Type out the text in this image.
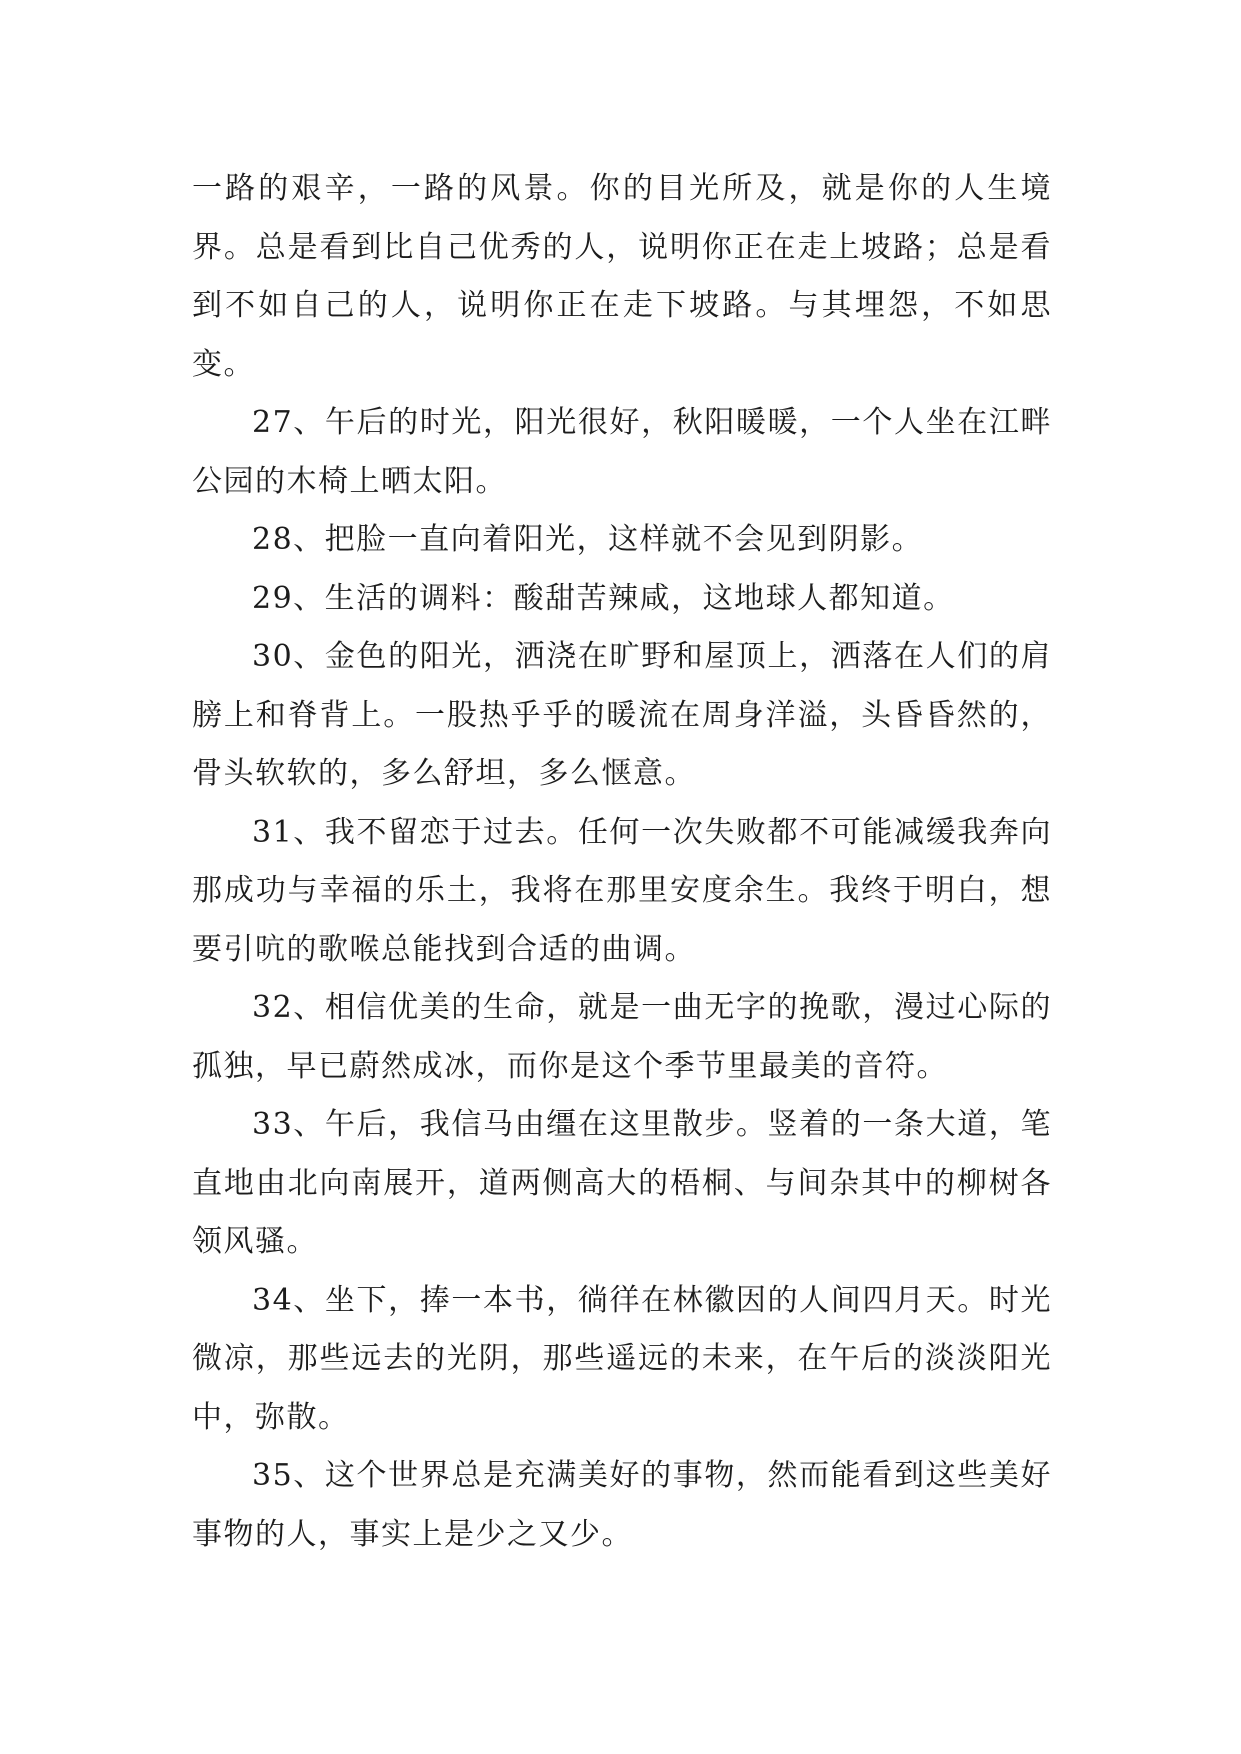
一路的艰辛，一路的风景。你的目光所及，就是你的人生境界。总是看到比自己优秀的人，说明你正在走上坡路；总是看到不如自己的人，说明你正在走下坡路。与其埋怨，不如思变。

27、午后的时光，阳光很好，秋阳暖暖，一个人坐在江畔公园的木椅上晒太阳。

28、把脸一直向着阳光，这样就不会见到阴影。

29、生活的调料：酸甜苦辣咸，这地球人都知道。

30、金色的阳光，洒浇在旷野和屋顶上，洒落在人们的肩膀上和脊背上。一股热乎乎的暖流在周身洋溢，头昏昏然的，骨头软软的，多么舒坦，多么惬意。

31、我不留恋于过去。任何一次失败都不可能减缓我奔向那成功与幸福的乐土，我将在那里安度余生。我终于明白，想要引吭的歌喉总能找到合适的曲调。

32、相信优美的生命，就是一曲无字的挽歌，漫过心际的孤独，早已蔚然成冰，而你是这个季节里最美的音符。

33、午后，我信马由缰在这里散步。竖着的一条大道，笔直地由北向南展开，道两侧高大的梧桐、与间杂其中的柳树各领风骚。

34、坐下，捧一本书，徜徉在林徽因的人间四月天。时光微凉，那些远去的光阴，那些遥远的未来，在午后的淡淡阳光中，弥散。

35、这个世界总是充满美好的事物，然而能看到这些美好事物的人，事实上是少之又少。
